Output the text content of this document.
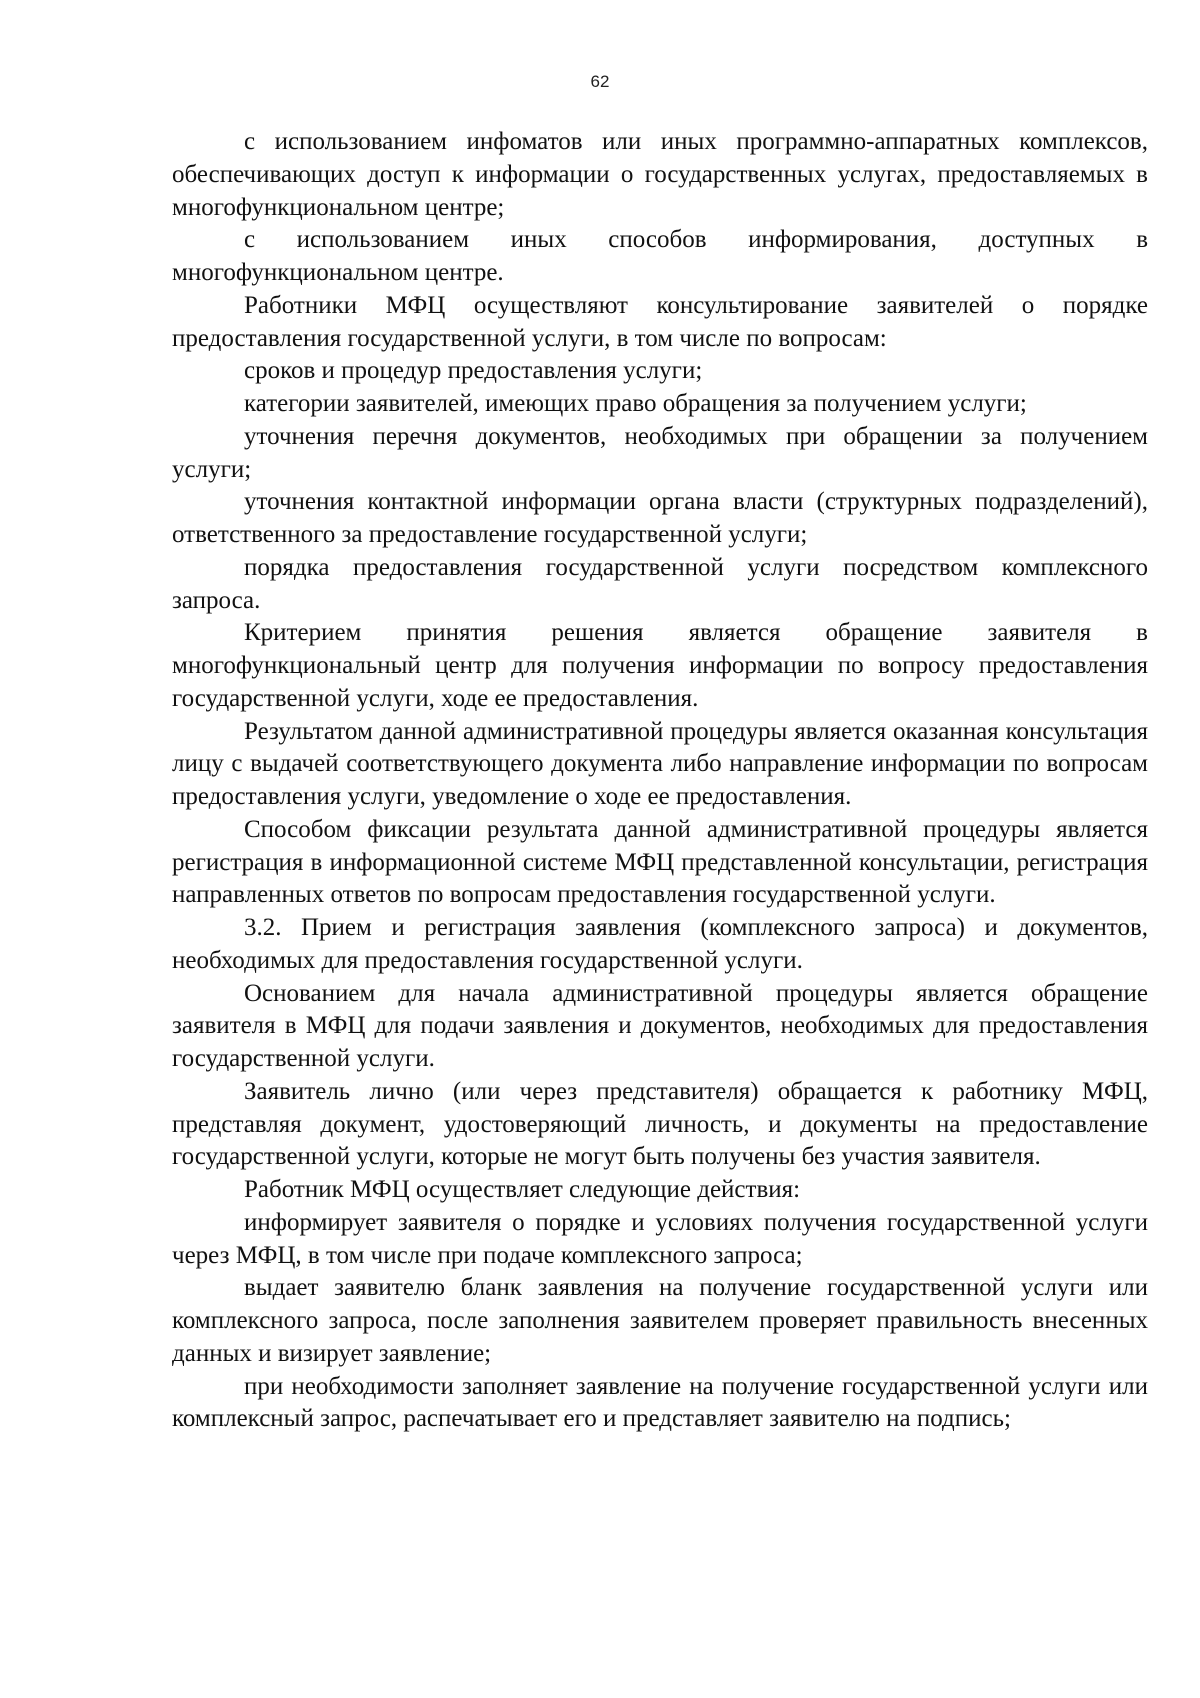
62

с использованием инфоматов или иных программно-аппаратных комплексов, обеспечивающих доступ к информации о государственных услугах, предоставляемых в многофункциональном центре;

с использованием иных способов информирования, доступных в многофункциональном центре.

Работники МФЦ осуществляют консультирование заявителей о порядке предоставления государственной услуги, в том числе по вопросам:

сроков и процедур предоставления услуги;

категории заявителей, имеющих право обращения за получением услуги;

уточнения перечня документов, необходимых при обращении за получением услуги;

уточнения контактной информации органа власти (структурных подразделений), ответственного за предоставление государственной услуги;

порядка предоставления государственной услуги посредством комплексного запроса.

Критерием принятия решения является обращение заявителя в многофункциональный центр для получения информации по вопросу предоставления государственной услуги, ходе ее предоставления.

Результатом данной административной процедуры является оказанная консультация лицу с выдачей соответствующего документа либо направление информации по вопросам предоставления услуги, уведомление о ходе ее предоставления.

Способом фиксации результата данной административной процедуры является регистрация в информационной системе МФЦ представленной консультации, регистрация направленных ответов по вопросам предоставления государственной услуги.

3.2. Прием и регистрация заявления (комплексного запроса) и документов, необходимых для предоставления государственной услуги.

Основанием для начала административной процедуры является обращение заявителя в МФЦ для подачи заявления и документов, необходимых для предоставления государственной услуги.

Заявитель лично (или через представителя) обращается к работнику МФЦ, представляя документ, удостоверяющий личность, и документы на предоставление государственной услуги, которые не могут быть получены без участия заявителя.

Работник МФЦ осуществляет следующие действия:

информирует заявителя о порядке и условиях получения государственной услуги через МФЦ, в том числе при подаче комплексного запроса;

выдает заявителю бланк заявления на получение государственной услуги или комплексного запроса, после заполнения заявителем проверяет правильность внесенных данных и визирует заявление;

при необходимости заполняет заявление на получение государственной услуги или комплексный запрос, распечатывает его и представляет заявителю на подпись;
